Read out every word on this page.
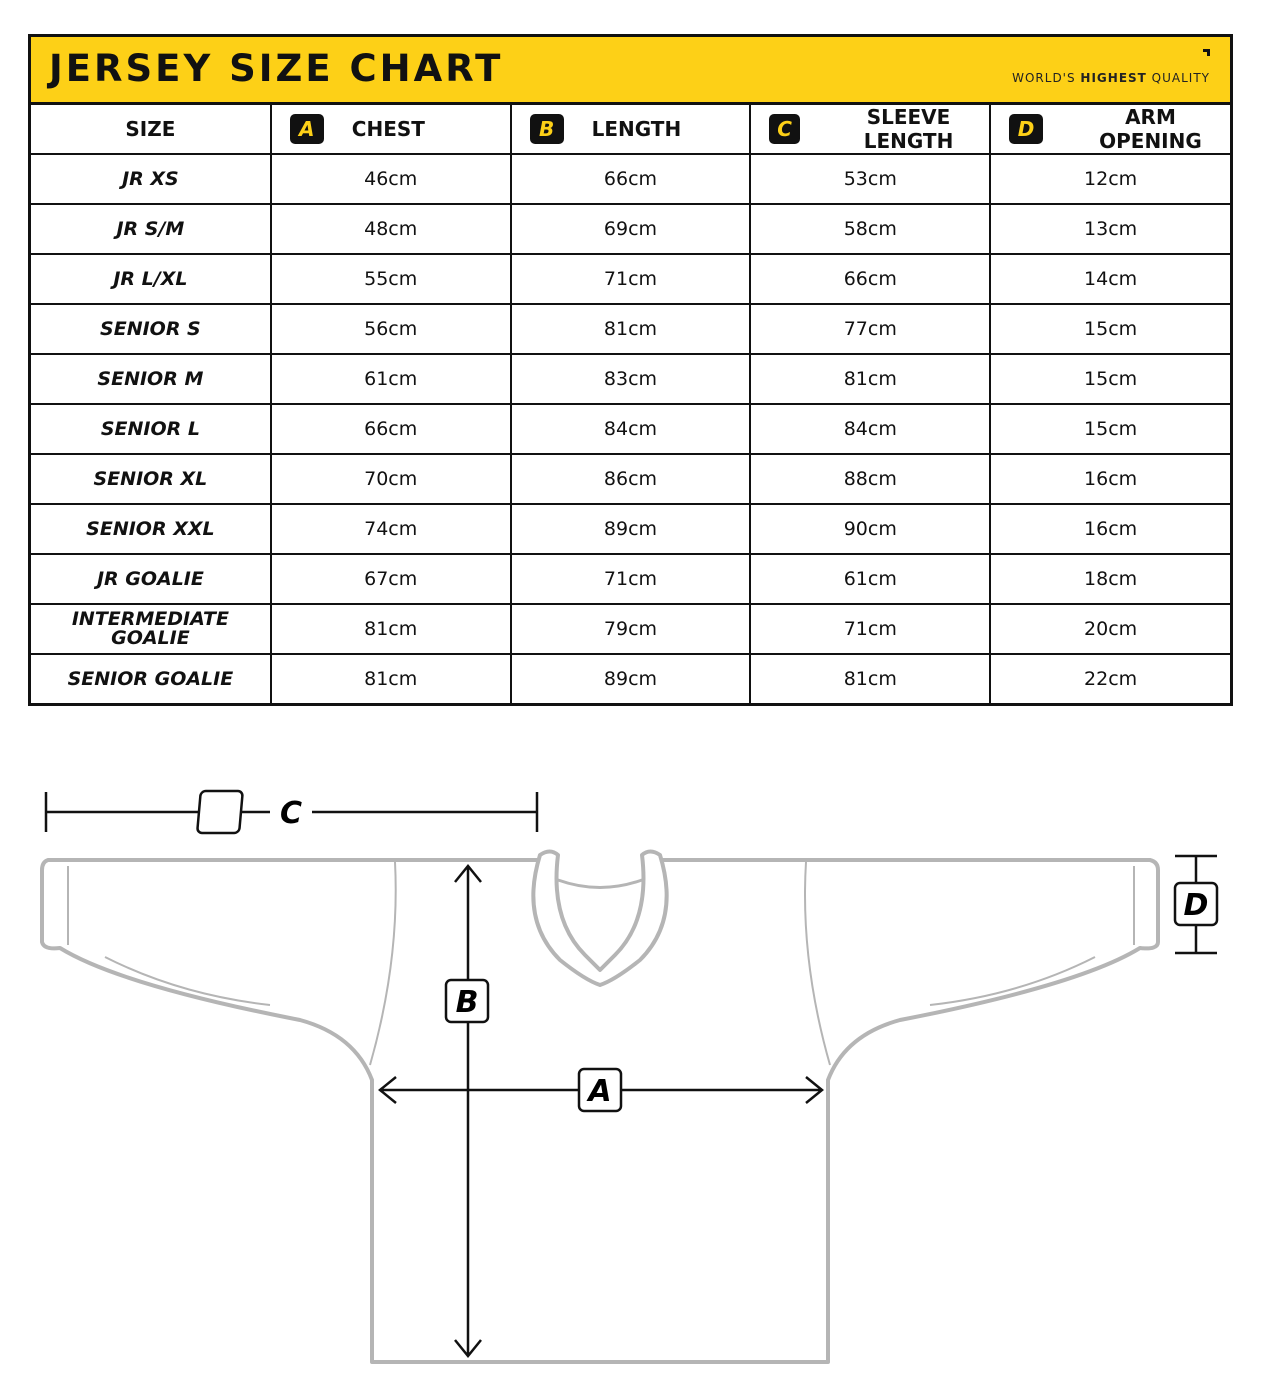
JERSEY SIZE CHART	WORLD'S HIGHEST QUALITY
SIZE	A CHEST	B LENGTH	C SLEEVE LENGTH	D ARM OPENING

JR XS	46cm	66cm	53cm	12cm
JR S/M	48cm	69cm	58cm	13cm
JR L/XL	55cm	71cm	66cm	14cm
SENIOR S	56cm	81cm	77cm	15cm
SENIOR M	61cm	83cm	81cm	15cm
SENIOR L	66cm	84cm	84cm	15cm
SENIOR XL	70cm	86cm	88cm	16cm
SENIOR XXL	74cm	89cm	90cm	16cm
JR GOALIE	67cm	71cm	61cm	18cm
INTERMEDIATE GOALIE	81cm	79cm	71cm	20cm
SENIOR GOALIE	81cm	89cm	81cm	22cm
C
B
A
D
